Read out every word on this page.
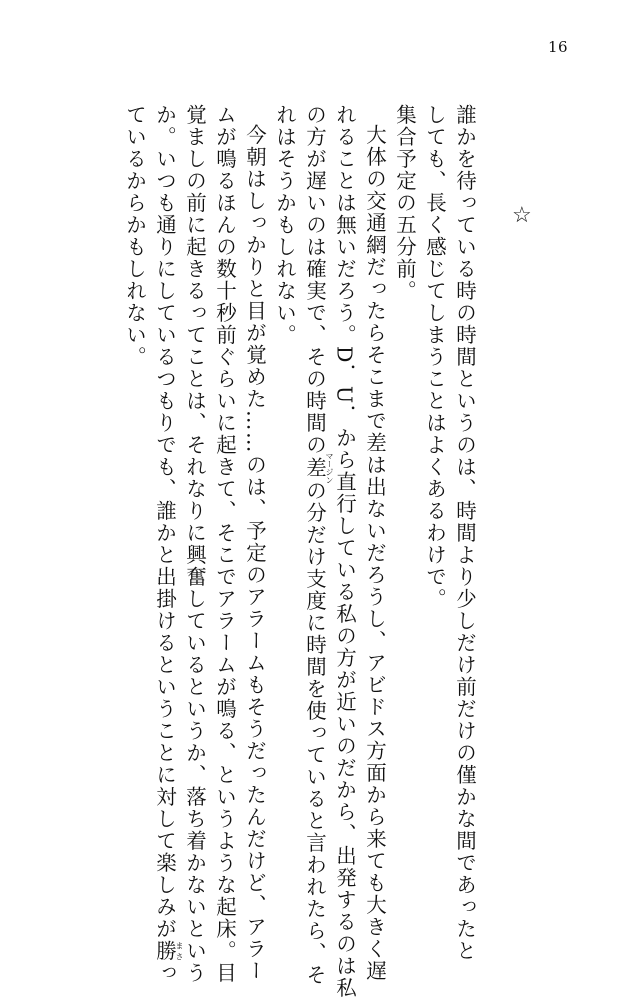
16
☆
誰かを待っている時の時間というのは、時間より少しだけ前だけの僅かな間であったと
しても、長く感じてしまうことはよくあるわけで。
集合予定の五分前。
大体の交通網だったらそこまで差は出ないだろうし、アビドス方面から来ても大きく遅
れることは無いだろう。D．U．から直行している私の方が近いのだから、出発するのは私
の方が遅いのは確実で、その時間の差マージンの分だけ支度に時間を使っていると言われたら、そ
れはそうかもしれない。
今朝はしっかりと目が覚めた……のは、予定のアラームもそうだったんだけど、アラー
ムが鳴るほんの数十秒前ぐらいに起きて、そこでアラームが鳴る、というような起床。目
覚ましの前に起きるってことは、それなりに興奮しているというか、落ち着かないという
か。いつも通りにしているつもりでも、誰かと出掛けるということに対して楽しみが勝まさっ
ているからかもしれない。
